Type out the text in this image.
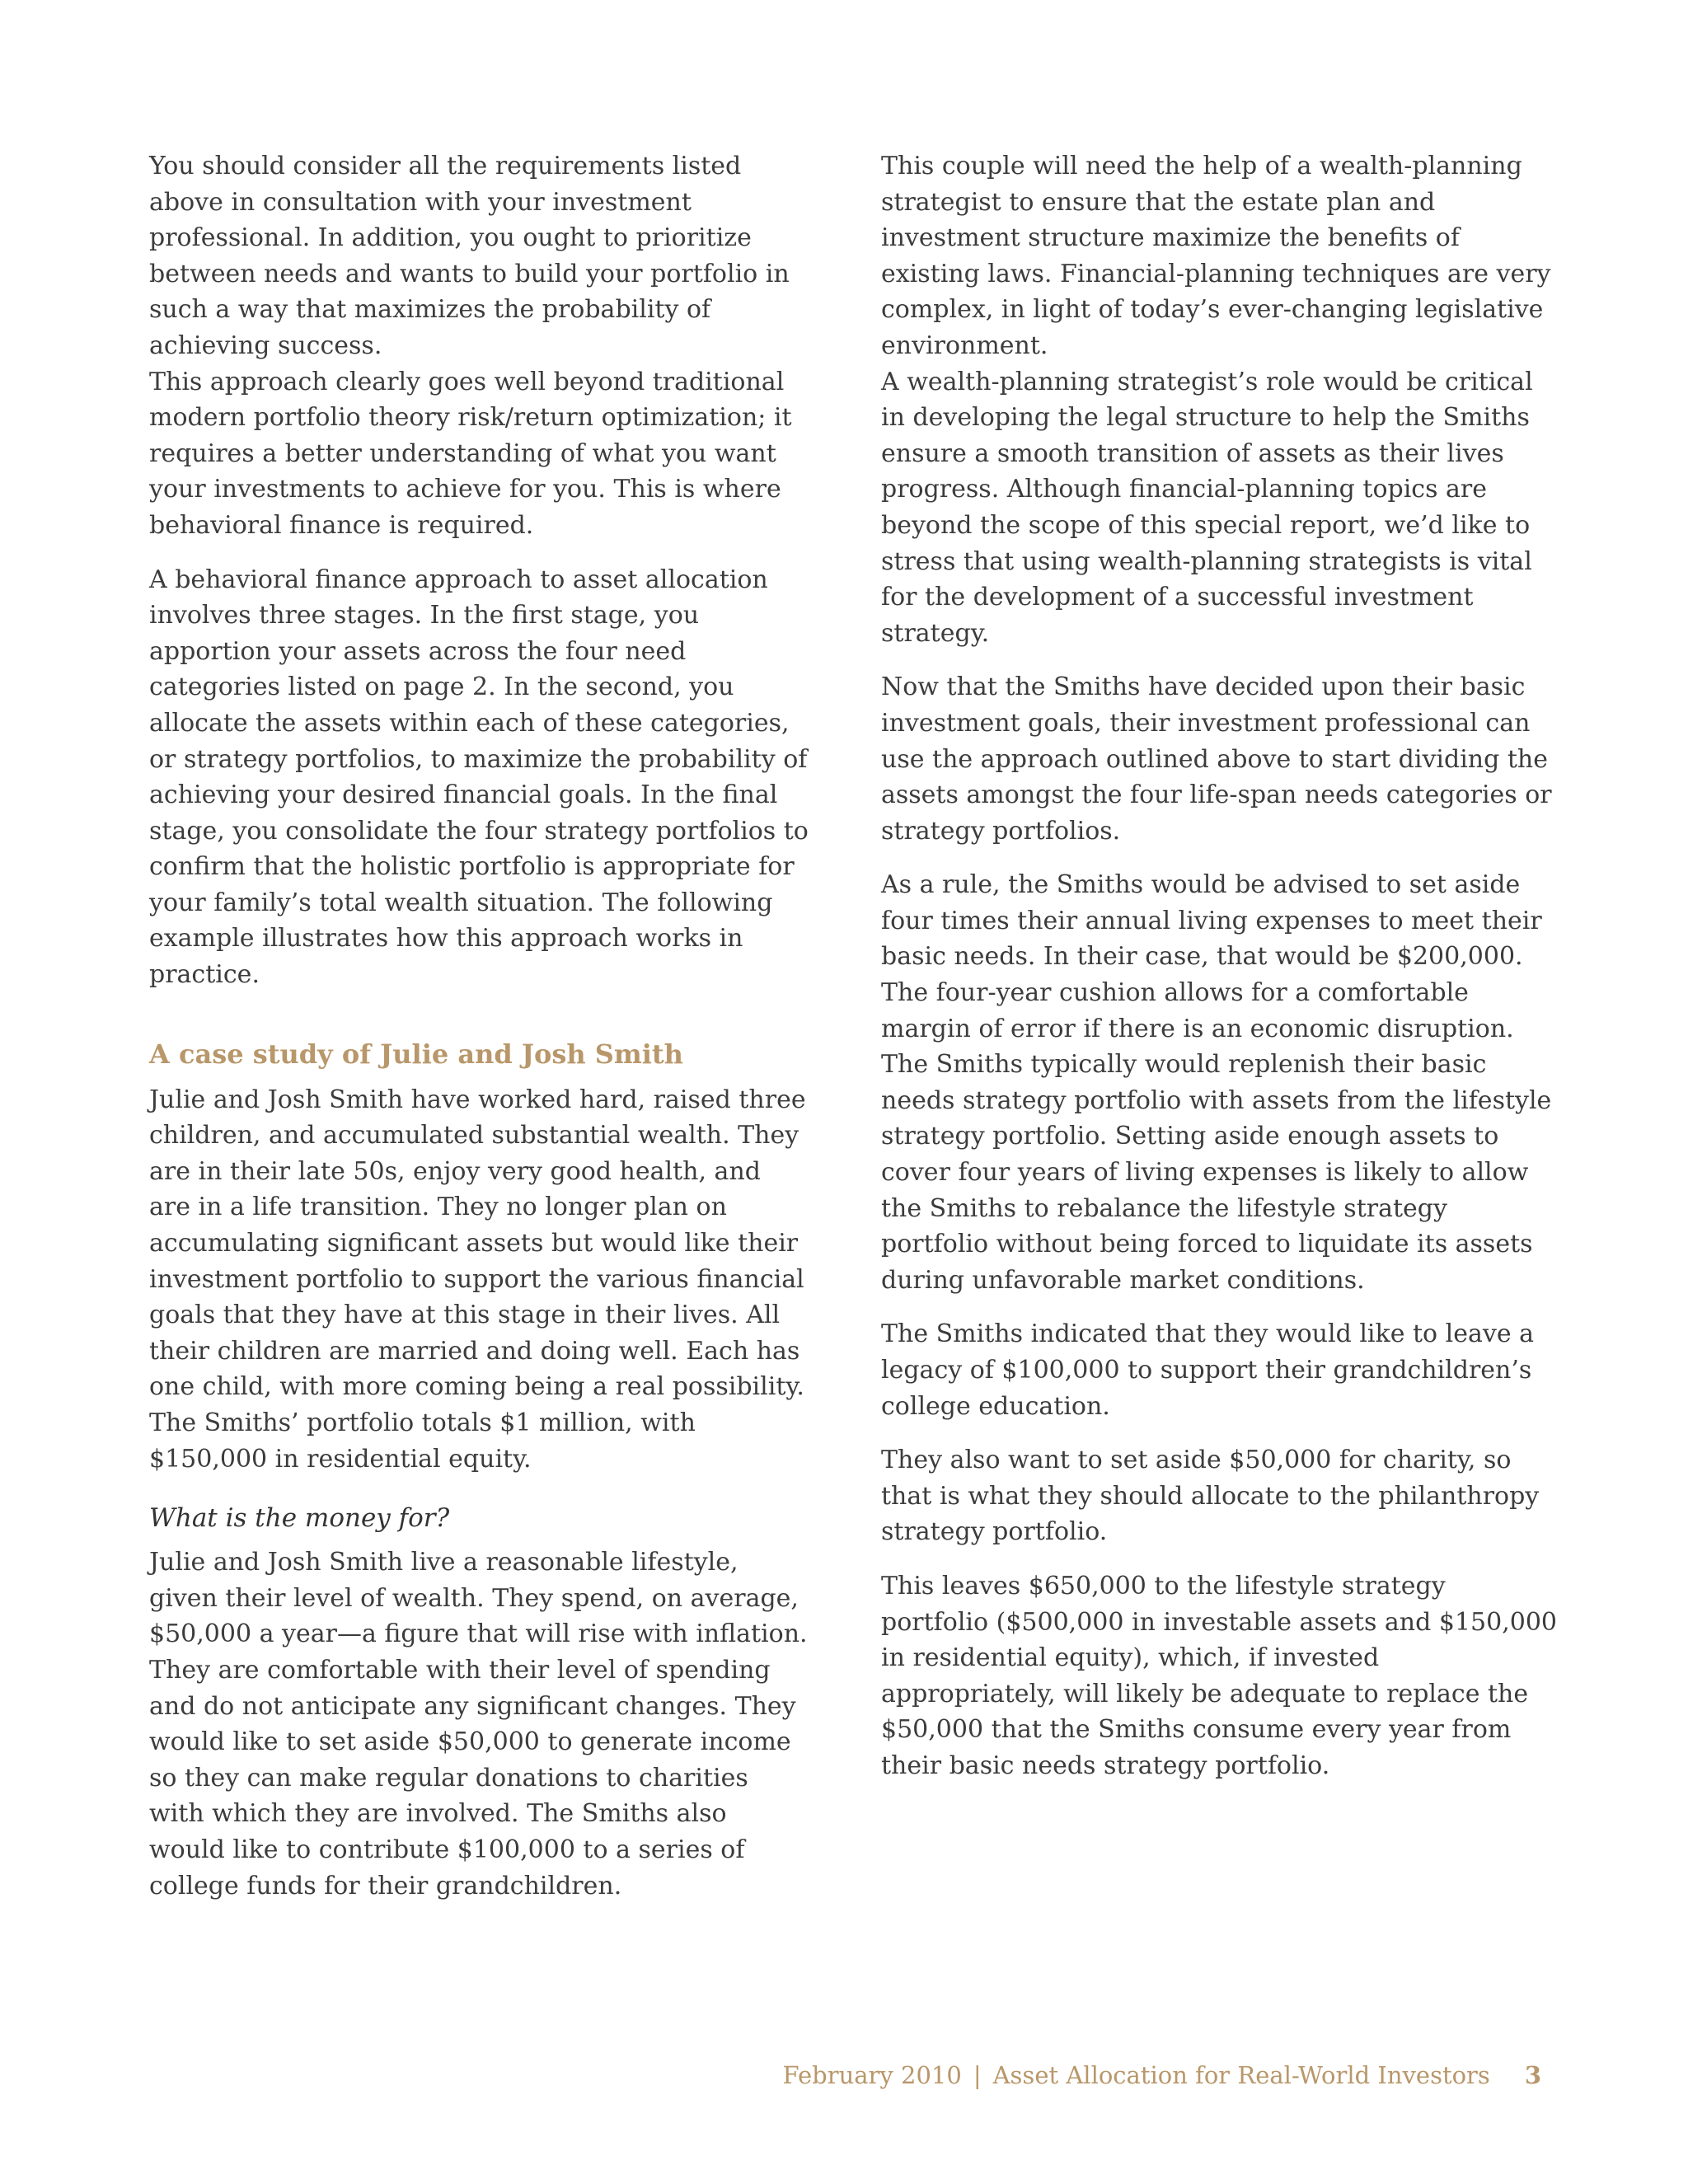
You should consider all the requirements listed above in consultation with your investment professional. In addition, you ought to prioritize between needs and wants to build your portfolio in such a way that maximizes the probability of achieving success.

This approach clearly goes well beyond traditional modern portfolio theory risk/return optimization; it requires a better understanding of what you want your investments to achieve for you. This is where behavioral finance is required.

A behavioral finance approach to asset allocation involves three stages. In the first stage, you apportion your assets across the four need categories listed on page 2. In the second, you allocate the assets within each of these categories, or strategy portfolios, to maximize the probability of achieving your desired financial goals. In the final stage, you consolidate the four strategy portfolios to confirm that the holistic portfolio is appropriate for your family’s total wealth situation. The following example illustrates how this approach works in practice.

A case study of Julie and Josh Smith

Julie and Josh Smith have worked hard, raised three children, and accumulated substantial wealth. They are in their late 50s, enjoy very good health, and are in a life transition. They no longer plan on accumulating significant assets but would like their investment portfolio to support the various financial goals that they have at this stage in their lives. All their children are married and doing well. Each has one child, with more coming being a real possibility. The Smiths’ portfolio totals $1 million, with $150,000 in residential equity.

What is the money for?

Julie and Josh Smith live a reasonable lifestyle, given their level of wealth. They spend, on average, $50,000 a year—a figure that will rise with inflation. They are comfortable with their level of spending and do not anticipate any significant changes. They would like to set aside $50,000 to generate income so they can make regular donations to charities with which they are involved. The Smiths also would like to contribute $100,000 to a series of college funds for their grandchildren.

This couple will need the help of a wealth-planning strategist to ensure that the estate plan and investment structure maximize the benefits of existing laws. Financial-planning techniques are very complex, in light of today’s ever-changing legislative environment.

A wealth-planning strategist’s role would be critical in developing the legal structure to help the Smiths ensure a smooth transition of assets as their lives progress. Although financial-planning topics are beyond the scope of this special report, we’d like to stress that using wealth-planning strategists is vital for the development of a successful investment strategy.

Now that the Smiths have decided upon their basic investment goals, their investment professional can use the approach outlined above to start dividing the assets amongst the four life-span needs categories or strategy portfolios.

As a rule, the Smiths would be advised to set aside four times their annual living expenses to meet their basic needs. In their case, that would be $200,000. The four-year cushion allows for a comfortable margin of error if there is an economic disruption. The Smiths typically would replenish their basic needs strategy portfolio with assets from the lifestyle strategy portfolio. Setting aside enough assets to cover four years of living expenses is likely to allow the Smiths to rebalance the lifestyle strategy portfolio without being forced to liquidate its assets during unfavorable market conditions.

The Smiths indicated that they would like to leave a legacy of $100,000 to support their grandchildren’s college education.

They also want to set aside $50,000 for charity, so that is what they should allocate to the philanthropy strategy portfolio.

This leaves $650,000 to the lifestyle strategy portfolio ($500,000 in investable assets and $150,000 in residential equity), which, if invested appropriately, will likely be adequate to replace the $50,000 that the Smiths consume every year from their basic needs strategy portfolio.

February 2010 | Asset Allocation for Real-World Investors 3
